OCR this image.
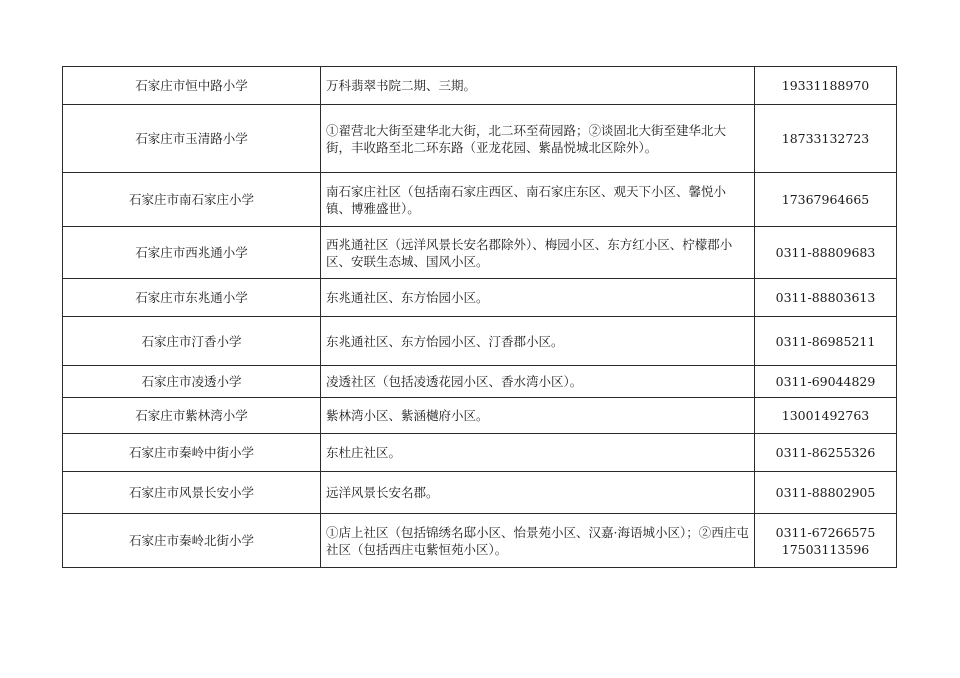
石家庄市恒中路小学	万科翡翠书院二期、三期。	19331188970

石家庄市玉清路小学	①翟营北大街至建华北大街，北二环至荷园路；②谈固北大街至建华北大街，丰收路至北二环东路（亚龙花园、紫晶悦城北区除外）。	18733132723

石家庄市南石家庄小学	南石家庄社区（包括南石家庄西区、南石家庄东区、观天下小区、馨悦小镇、博雅盛世）。	17367964665

石家庄市西兆通小学	西兆通社区（远洋风景长安名郡除外）、梅园小区、东方红小区、柠檬郡小区、安联生态城、国风小区。	0311-88809683

石家庄市东兆通小学	东兆通社区、东方怡园小区。	0311-88803613

石家庄市汀香小学	东兆通社区、东方怡园小区、汀香郡小区。	0311-86985211

石家庄市凌透小学	凌透社区（包括凌透花园小区、香水湾小区）。	0311-69044829

石家庄市紫林湾小学	紫林湾小区、紫涵樾府小区。	13001492763

石家庄市秦岭中街小学	东杜庄社区。	0311-86255326

石家庄市风景长安小学	远洋风景长安名郡。	0311-88802905

石家庄市秦岭北街小学	①店上社区（包括锦绣名邸小区、怡景苑小区、汉嘉·海语城小区）；②西庄屯社区（包括西庄屯紫恒苑小区）。	0311-67266575
17503113596
